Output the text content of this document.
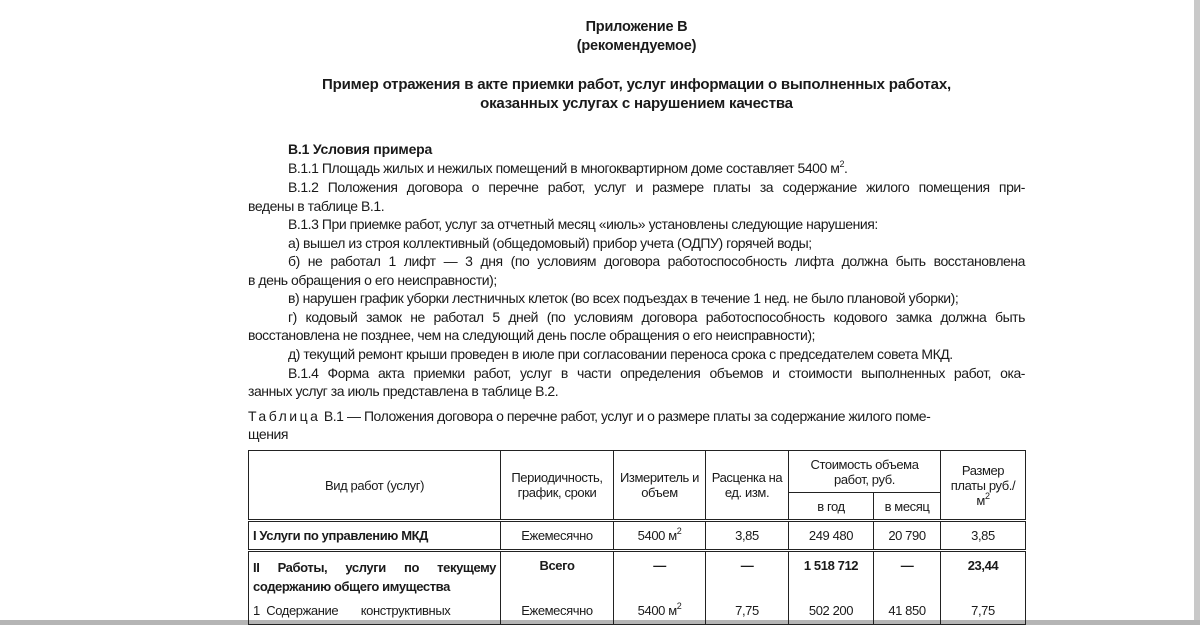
Приложение В
(рекомендуемое)
Пример отражения в акте приемки работ, услуг информации о выполненных работах,
оказанных услугах с нарушением качества
В.1 Условия примера
В.1.1 Площадь жилых и нежилых помещений в многоквартирном доме составляет 5400 $м^2$.
В.1.2 Положения договора о перечне работ, услуг и размере платы за содержание жилого помещения при-
ведены в таблице В.1.
В.1.3 При приемке работ, услуг за отчетный месяц «июль» установлены следующие нарушения:
а) вышел из строя коллективный (общедомовый) прибор учета (ОДПУ) горячей воды;
б) не работал 1 лифт — 3 дня (по условиям договора работоспособность лифта должна быть восстановлена
в день обращения о его неисправности);
в) нарушен график уборки лестничных клеток (во всех подъездах в течение 1 нед. не было плановой уборки);
г) кодовый замок не работал 5 дней (по условиям договора работоспособность кодового замка должна быть
восстановлена не позднее, чем на следующий день после обращения о его неисправности);
д) текущий ремонт крыши проведен в июле при согласовании переноса срока с председателем совета МКД.
В.1.4 Форма акта приемки работ, услуг в части определения объемов и стоимости выполненных работ, ока-
занных услуг за июль представлена в таблице В.2.
Таблица В.1 — Положения договора о перечне работ, услуг и о размере платы за содержание жилого поме-
щения
Вид работ (услуг)	Периодичность, график, сроки	Измеритель и объем	Расценка на ед. изм.	Стоимость объема работ, руб.		Размер платы $руб./м^2$
				в год	в месяц	
I Услуги по управлению МКД	Ежемесячно	5400 $м^2$	3,85	249 480	20 790	3,85
II Работы, услуги по текущему содержанию общего имущества	Всего	—	—	1 518 712	—	23,44
1  Содержание       конструктивных	Ежемесячно	5400 $м^2$	7,75	502 200	41 850	7,75
